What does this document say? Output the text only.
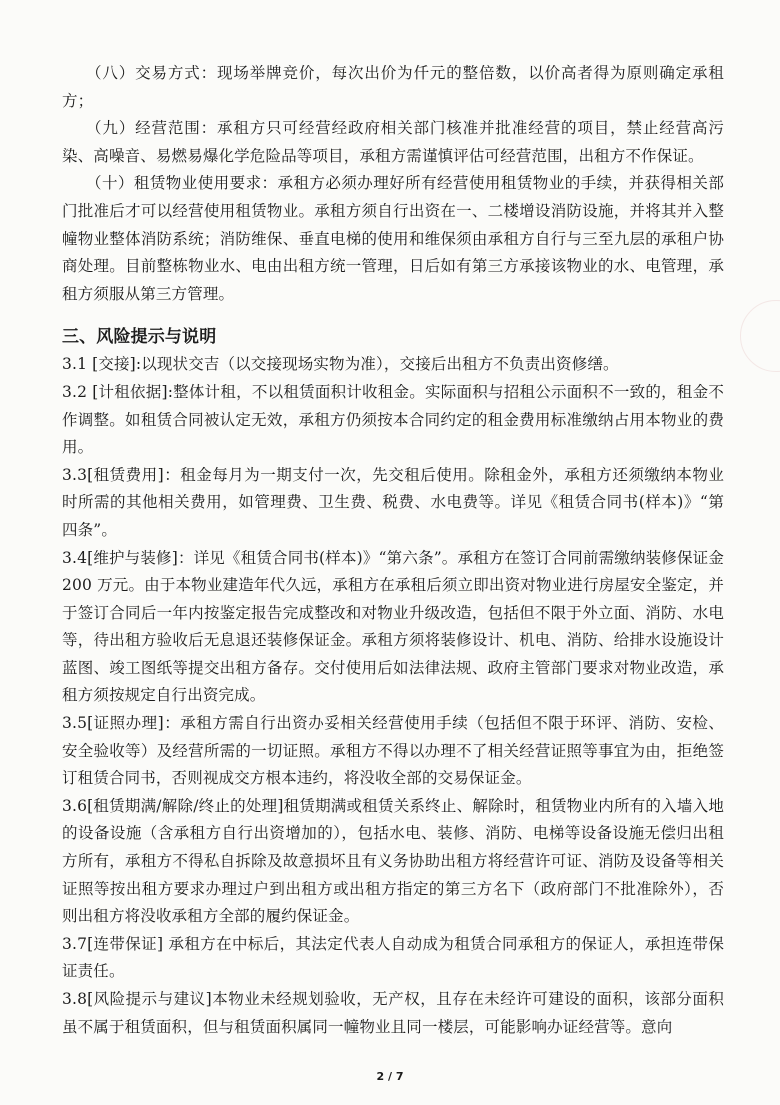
（八）交易方式：现场举牌竞价，每次出价为仟元的整倍数，以价高者得为原则确定承租方；

（九）经营范围：承租方只可经营经政府相关部门核准并批准经营的项目，禁止经营高污染、高噪音、易燃易爆化学危险品等项目，承租方需谨慎评估可经营范围，出租方不作保证。

（十）租赁物业使用要求：承租方必须办理好所有经营使用租赁物业的手续，并获得相关部门批准后才可以经营使用租赁物业。承租方须自行出资在一、二楼增设消防设施，并将其并入整幢物业整体消防系统；消防维保、垂直电梯的使用和维保须由承租方自行与三至九层的承租户协商处理。目前整栋物业水、电由出租方统一管理，日后如有第三方承接该物业的水、电管理，承租方须服从第三方管理。

三、风险提示与说明

3.1 [交接]:以现状交吉（以交接现场实物为准），交接后出租方不负责出资修缮。

3.2 [计租依据]:整体计租，不以租赁面积计收租金。实际面积与招租公示面积不一致的，租金不作调整。如租赁合同被认定无效，承租方仍须按本合同约定的租金费用标准缴纳占用本物业的费用。

3.3[租赁费用]：租金每月为一期支付一次，先交租后使用。除租金外，承租方还须缴纳本物业时所需的其他相关费用，如管理费、卫生费、税费、水电费等。详见《租赁合同书(样本)》“第四条”。

3.4[维护与装修]：详见《租赁合同书(样本)》“第六条”。承租方在签订合同前需缴纳装修保证金 200 万元。由于本物业建造年代久远，承租方在承租后须立即出资对物业进行房屋安全鉴定，并于签订合同后一年内按鉴定报告完成整改和对物业升级改造，包括但不限于外立面、消防、水电等，待出租方验收后无息退还装修保证金。承租方须将装修设计、机电、消防、给排水设施设计蓝图、竣工图纸等提交出租方备存。交付使用后如法律法规、政府主管部门要求对物业改造，承租方须按规定自行出资完成。

3.5[证照办理]：承租方需自行出资办妥相关经营使用手续（包括但不限于环评、消防、安检、安全验收等）及经营所需的一切证照。承租方不得以办理不了相关经营证照等事宜为由，拒绝签订租赁合同书，否则视成交方根本违约，将没收全部的交易保证金。

3.6[租赁期满/解除/终止的处理]租赁期满或租赁关系终止、解除时，租赁物业内所有的入墙入地的设备设施（含承租方自行出资增加的），包括水电、装修、消防、电梯等设备设施无偿归出租方所有，承租方不得私自拆除及故意损坏且有义务协助出租方将经营许可证、消防及设备等相关证照等按出租方要求办理过户到出租方或出租方指定的第三方名下（政府部门不批准除外），否则出租方将没收承租方全部的履约保证金。

3.7[连带保证] 承租方在中标后，其法定代表人自动成为租赁合同承租方的保证人，承担连带保证责任。

3.8[风险提示与建议]本物业未经规划验收，无产权，且存在未经许可建设的面积，该部分面积虽不属于租赁面积，但与租赁面积属同一幢物业且同一楼层，可能影响办证经营等。意向

2 / 7
